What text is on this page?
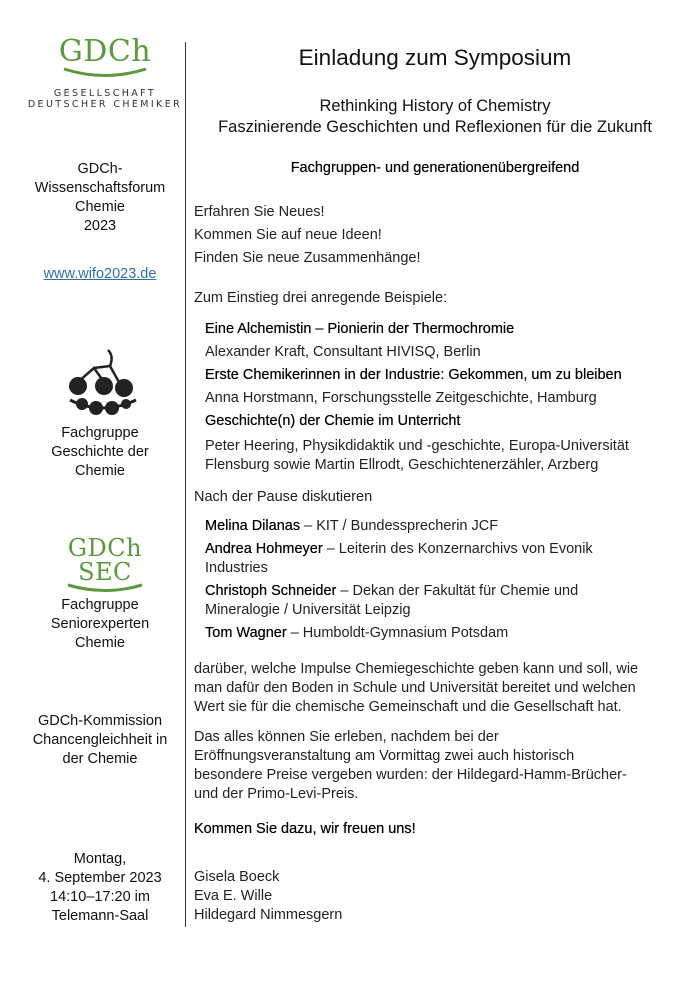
GDCh
GESELLSCHAFT
DEUTSCHER CHEMIKER
GDCh-
Wissenschaftsforum
Chemie
2023
www.wifo2023.de
Fachgruppe
Geschichte der
Chemie
GDCh
SEC
Fachgruppe
Seniorexperten
Chemie
GDCh-Kommission
Chancengleichheit in
der Chemie
Montag,
4. September 2023
14:10–17:20 im
Telemann-Saal
Einladung zum Symposium
Rethinking History of Chemistry
Faszinierende Geschichten und Reflexionen für die Zukunft
Fachgruppen- und generationenübergreifend
Erfahren Sie Neues!
Kommen Sie auf neue Ideen!
Finden Sie neue Zusammenhänge!
Zum Einstieg drei anregende Beispiele:
Eine Alchemistin – Pionierin der Thermochromie
Alexander Kraft, Consultant HIVISQ, Berlin
Erste Chemikerinnen in der Industrie: Gekommen, um zu bleiben
Anna Horstmann, Forschungsstelle Zeitgeschichte, Hamburg
Geschichte(n) der Chemie im Unterricht
Peter Heering, Physikdidaktik und -geschichte, Europa-Universität
Flensburg sowie Martin Ellrodt, Geschichtenerzähler, Arzberg
Nach der Pause diskutieren
Melina Dilanas – KIT / Bundessprecherin JCF
Andrea Hohmeyer – Leiterin des Konzernarchivs von Evonik
Industries
Christoph Schneider – Dekan der Fakultät für Chemie und
Mineralogie / Universität Leipzig
Tom Wagner – Humboldt-Gymnasium Potsdam
darüber, welche Impulse Chemiegeschichte geben kann und soll, wie
man dafür den Boden in Schule und Universität bereitet und welchen
Wert sie für die chemische Gemeinschaft und die Gesellschaft hat.
Das alles können Sie erleben, nachdem bei der
Eröffnungsveranstaltung am Vormittag zwei auch historisch
besondere Preise vergeben wurden: der Hildegard-Hamm-Brücher-
und der Primo-Levi-Preis.
Kommen Sie dazu, wir freuen uns!
Gisela Boeck
Eva E. Wille
Hildegard Nimmesgern
